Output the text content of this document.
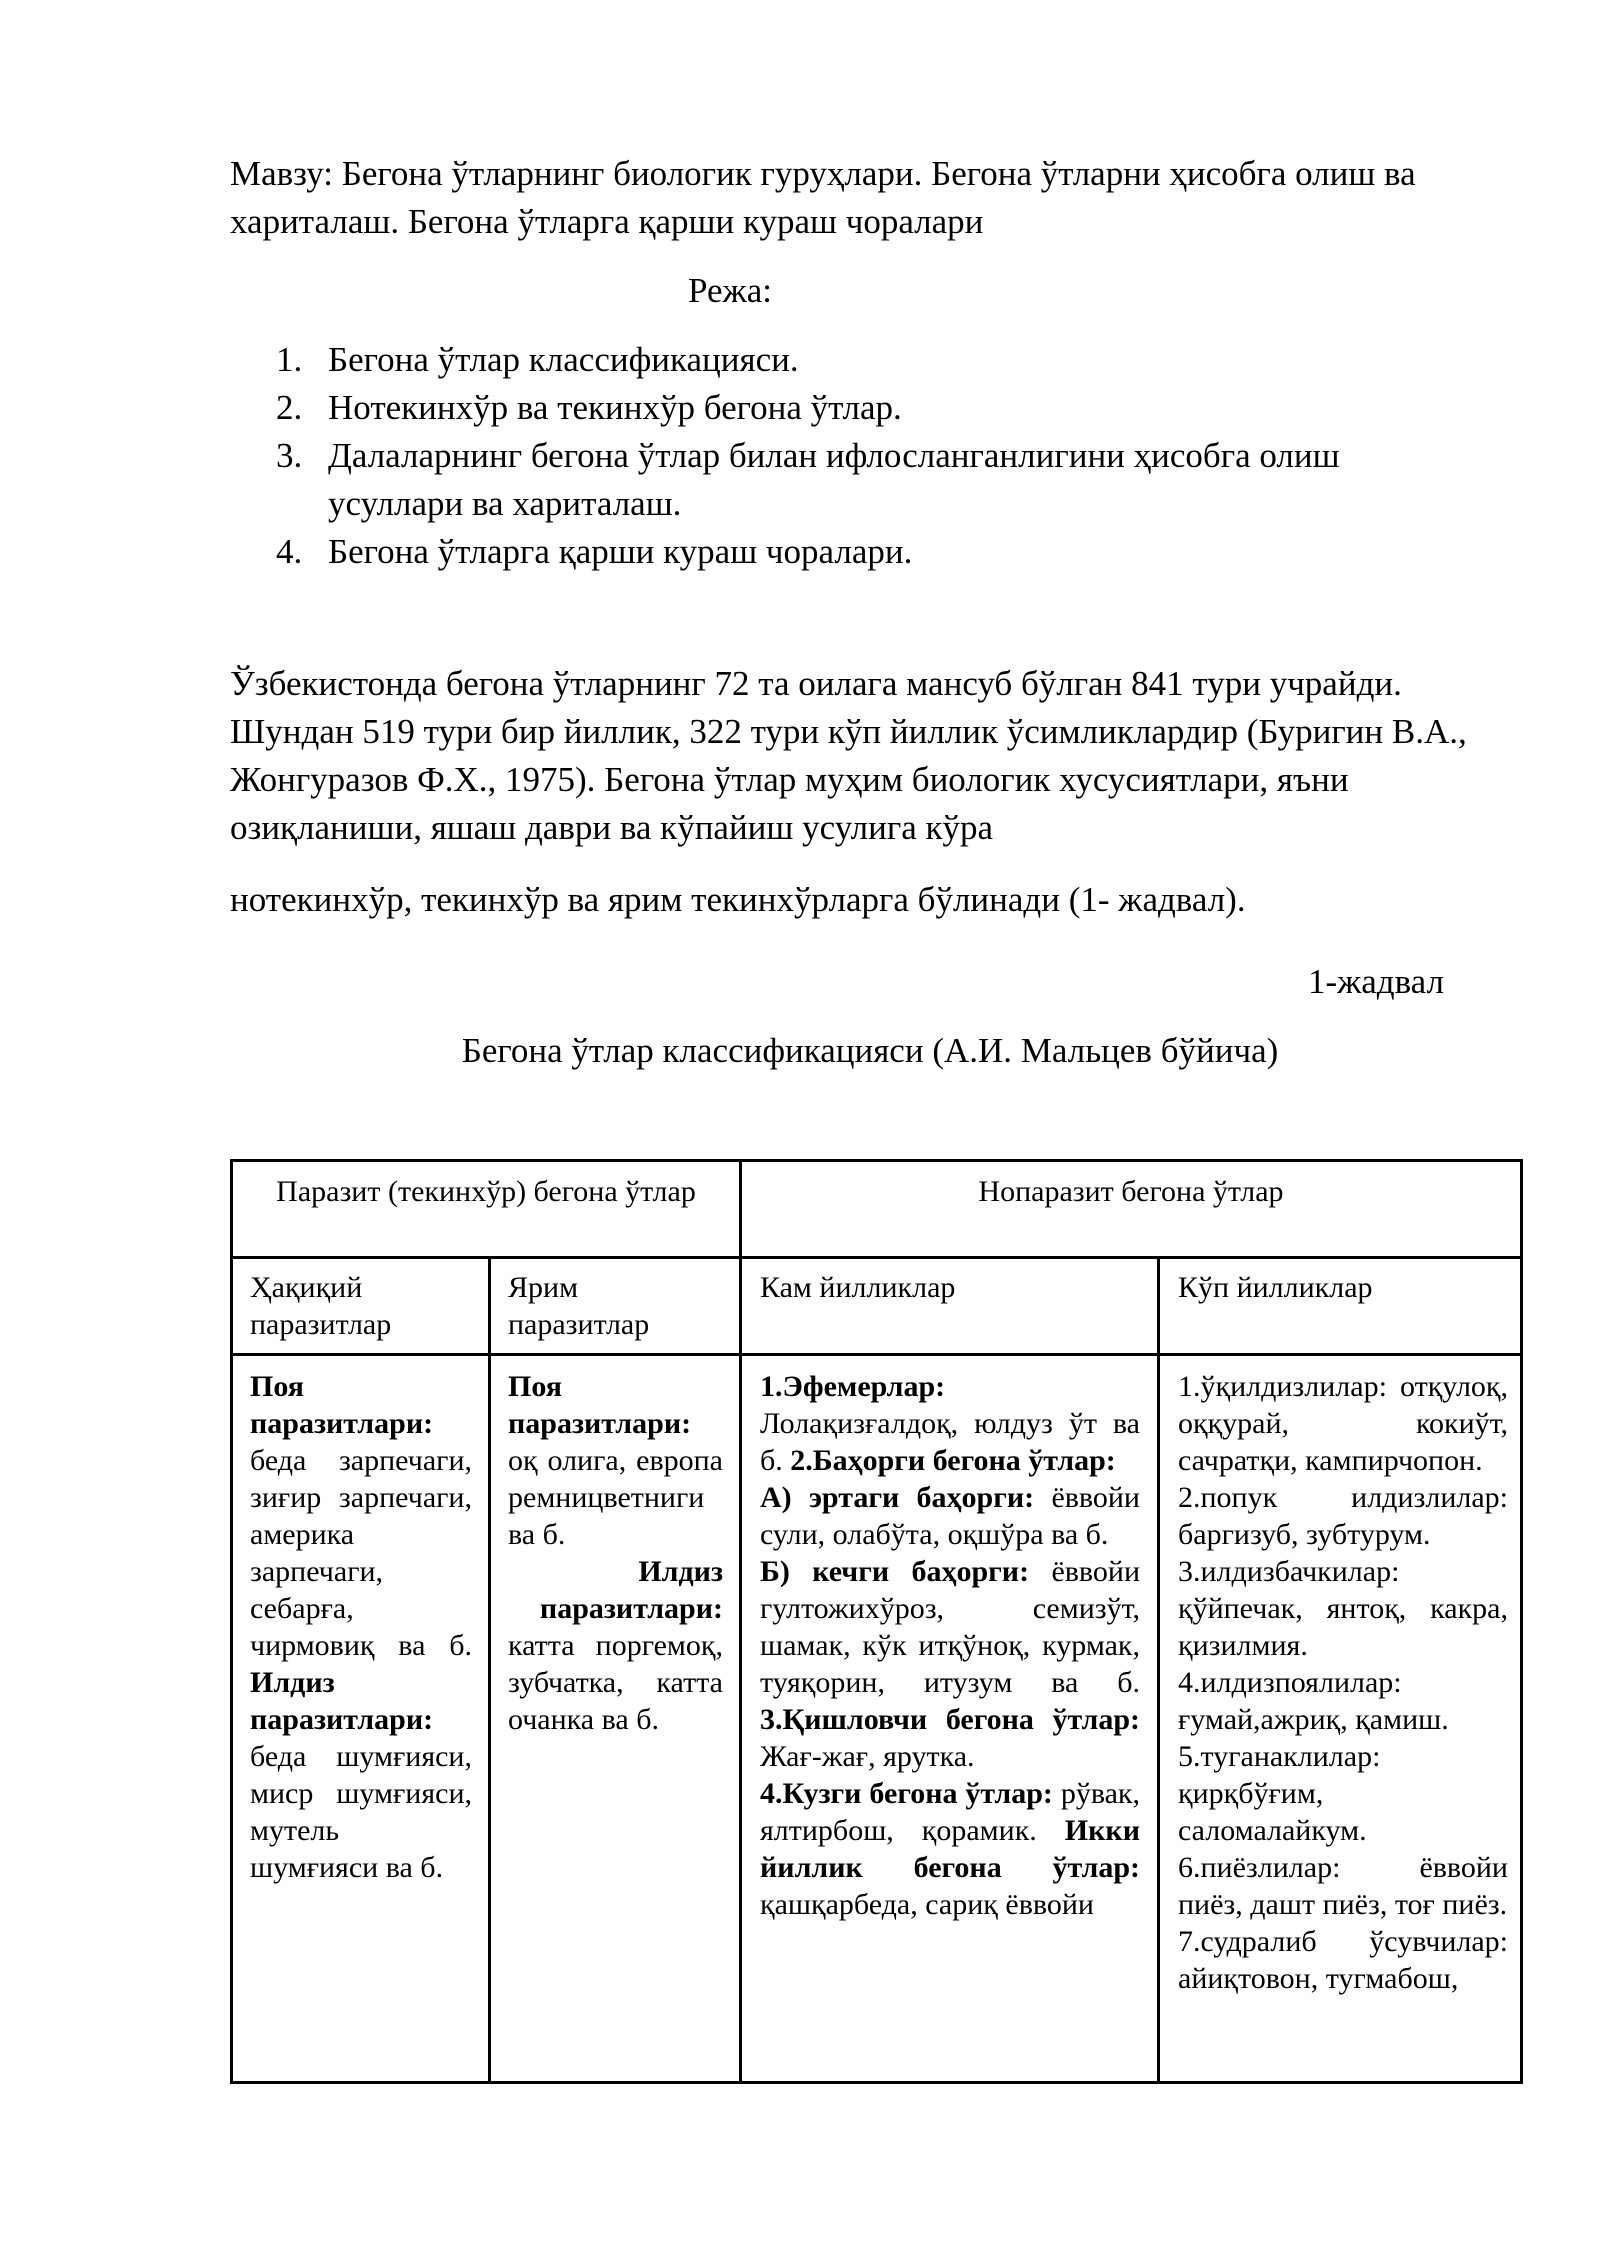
Мавзу: Бегона ўтларнинг биологик гуруҳлари. Бегона ўтларни ҳисобга олиш ва хариталаш. Бегона ўтларга қарши кураш чоралари

Режа:

1. Бегона ўтлар классификацияси.
2. Нотекинхўр ва текинхўр бегона ўтлар.
3. Далаларнинг бегона ўтлар билан ифлосланганлигини ҳисобга олиш усуллари ва хариталаш.
4. Бегона ўтларга қарши кураш чоралари.

Ўзбекистонда бегона ўтларнинг 72 та оилага мансуб бўлган 841 тури учрайди. Шундан 519 тури бир йиллик, 322 тури кўп йиллик ўсимликлардир (Буригин В.А., Жонгуразов Ф.Х., 1975). Бегона ўтлар муҳим биологик хусусиятлари, яъни озиқланиши, яшаш даври ва кўпайиш усулига кўра

нотекинхўр, текинхўр ва ярим текинхўрларга бўлинади (1- жадвал).

1-жадвал

Бегона ўтлар классификацияси (А.И. Мальцев бўйича)

Паразит (текинхўр) бегона ўтлар	Нопаразит бегона ўтлар
Ҳақиқий паразитлар
Ярим паразитлар
Кам йилликлар	Кўп йилликлар
Поя паразитлари: беда зарпечаги, зиғир зарпечаги, америка зарпечаги, себарға, чирмовиқ ва б. Илдиз паразитлари: беда шумғияси, миср шумғияси, мутель шумғияси ва б.
Поя паразитлари: оқ олига, европа ремницветниги ва б.
Илдиз паразитлари:
катта поргемоқ, зубчатка, катта очанка ва б.
1.Эфемерлар: Лолақизғалдоқ, юлдуз ўт ва б. 2.Баҳорги бегона ўтлар:
А) эртаги баҳорги: ёввойи сули, олабўта, оқшўра ва б.
Б) кечги баҳорги: ёввойи гултожихўроз, семизўт, шамак, кўк итқўноқ, курмак, туяқорин, итузум ва б. 3.Қишловчи бегона ўтлар: Жағ-жағ, ярутка.
4.Кузги бегона ўтлар: рўвак, ялтирбош, қорамик. Икки йиллик бегона ўтлар: қашқарбеда, сариқ ёввойи
1.ўқилдизлилар: отқулоқ, оққурай, кокиўт, сачратқи, кампирчопон.
2.попук илдизлилар: баргизуб, зубтурум.
3.илдизбачкилар: қўйпечак, янтоқ, какра, қизилмия.
4.илдизпоялилар: ғумай,ажриқ, қамиш.
5.туганаклилар: қирқбўғим, саломалайкум.
6.пиёзлилар: ёввойи пиёз, дашт пиёз, тоғ пиёз.
7.судралиб ўсувчилар: айиқтовон, тугмабош,
